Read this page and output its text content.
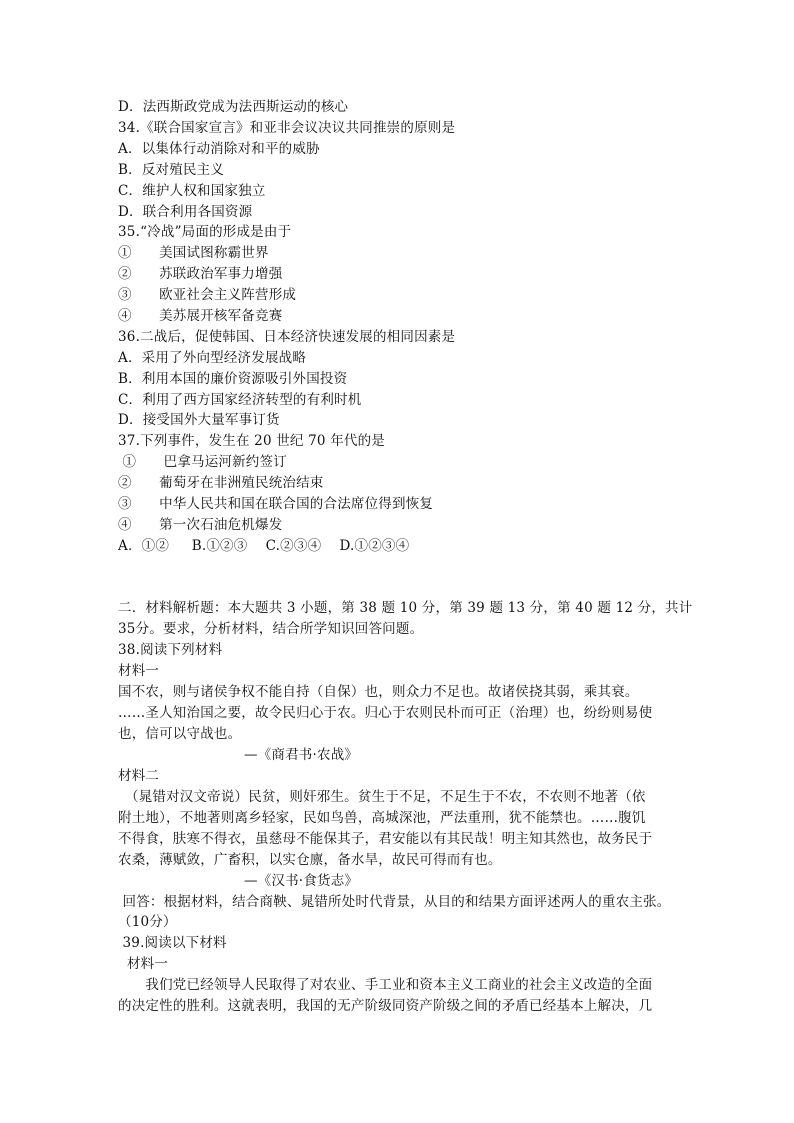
D．法西斯政党成为法西斯运动的核心
34.《联合国家宣言》和亚非会议决议共同推崇的原则是
A．以集体行动消除对和平的威胁
B．反对殖民主义
C．维护人权和国家独立
D．联合利用各国资源
35.“冷战”局面的形成是由于
①　　美国试图称霸世界
②　　苏联政治军事力增强
③　　欧亚社会主义阵营形成
④　　美苏展开核军备竞赛
36.二战后，促使韩国、日本经济快速发展的相同因素是
A．采用了外向型经济发展战略
B．利用本国的廉价资源吸引外国投资
C．利用了西方国家经济转型的有利时机
D．接受国外大量军事订货
37.下列事件，发生在 20 世纪 70 年代的是
①　　巴拿马运河新约签订
②　　葡萄牙在非洲殖民统治结束
③　　中华人民共和国在联合国的合法席位得到恢复
④　　第一次石油危机爆发
A．①②　  B.①②③　 C.②③④　 D.①②③④
二．材料解析题：本大题共 3 小题，第 38 题 10 分，第 39 题 13 分，第 40 题 12 分，共计
35分。要求，分析材料，结合所学知识回答问题。
38.阅读下列材料
材料一
国不农，则与诸侯争权不能自持（自保）也，则众力不足也。故诸侯挠其弱，乘其衰。
……圣人知治国之要，故令民归心于农。归心于农则民朴而可正（治理）也，纷纷则易使
也，信可以守战也。
—《商君书·农战》
材料二
　（晁错对汉文帝说）民贫，则奸邪生。贫生于不足，不足生于不农，不农则不地著（依
附土地），不地著则离乡轻家，民如鸟兽，高城深池，严法重刑，犹不能禁也。……腹饥
不得食，肤寒不得衣，虽慈母不能保其子，君安能以有其民哉！明主知其然也，故务民于
农桑，薄赋敛，广畜积，以实仓廪，备水旱，故民可得而有也。
—《汉书·食货志》
回答：根据材料，结合商鞅、晁错所处时代背景，从目的和结果方面评述两人的重农主张。
（10分）
39.阅读以下材料
材料一
　　我们党已经领导人民取得了对农业、手工业和资本主义工商业的社会主义改造的全面
的决定性的胜利。这就表明，我国的无产阶级同资产阶级之间的矛盾已经基本上解决，几
